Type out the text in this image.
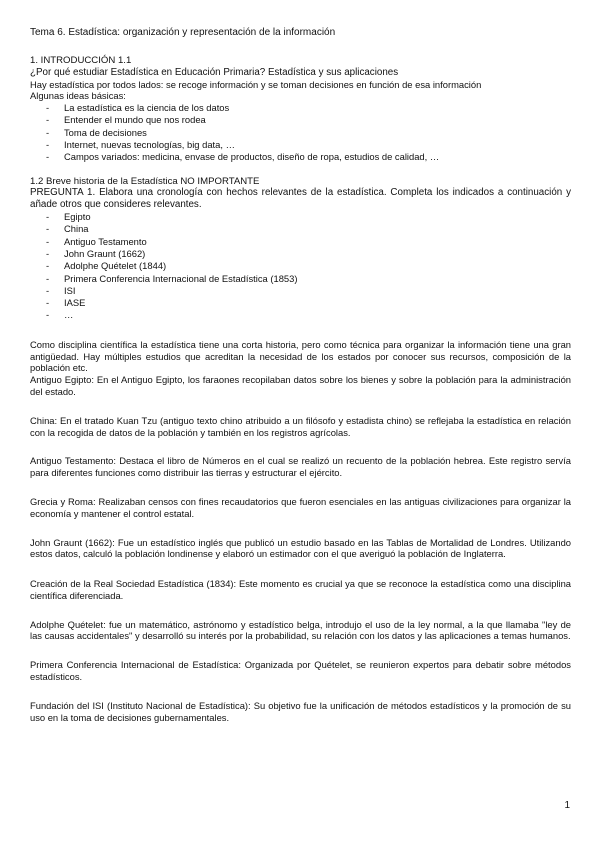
Tema 6. Estadística: organización y representación de la información

1. INTRODUCCIÓN 1.1

¿Por qué estudiar Estadística en Educación Primaria? Estadística y sus aplicaciones

Hay estadística por todos lados: se recoge información y se toman decisiones en función de esa información

Algunas ideas básicas:

- La estadística es la ciencia de los datos
- Entender el mundo que nos rodea
- Toma de decisiones
- Internet, nuevas tecnologías, big data, …
- Campos variados: medicina, envase de productos, diseño de ropa, estudios de calidad, …

1.2 Breve historia de la Estadística NO IMPORTANTE

PREGUNTA 1. Elabora una cronología con hechos relevantes de la estadística. Completa los indicados a continuación y añade otros que consideres relevantes.

- Egipto
- China
- Antiguo Testamento
- John Graunt (1662)
- Adolphe Quételet (1844)
- Primera Conferencia Internacional de Estadística (1853)
- ISI
- IASE
- …

Como disciplina científica la estadística tiene una corta historia, pero como técnica para organizar la información tiene una gran antigüedad. Hay múltiples estudios que acreditan la necesidad de los estados por conocer sus recursos, composición de la población etc.

Antiguo Egipto: En el Antiguo Egipto, los faraones recopilaban datos sobre los bienes y sobre la población para la administración del estado.

China: En el tratado Kuan Tzu (antiguo texto chino atribuido a un filósofo y estadista chino) se reflejaba la estadística en relación con la recogida de datos de la población y también en los registros agrícolas.

Antiguo Testamento: Destaca el libro de Números en el cual se realizó un recuento de la población hebrea. Este registro servía para diferentes funciones como distribuir las tierras y estructurar el ejército.

Grecia y Roma: Realizaban censos con fines recaudatorios que fueron esenciales en las antiguas civilizaciones para organizar la economía y mantener el control estatal.

John Graunt (1662): Fue un estadístico inglés que publicó un estudio basado en las Tablas de Mortalidad de Londres. Utilizando estos datos, calculó la población londinense y elaboró un estimador con el que averiguó la población de Inglaterra.

Creación de la Real Sociedad Estadística (1834): Este momento es crucial ya que se reconoce la estadística como una disciplina científica diferenciada.

Adolphe Quételet: fue un matemático, astrónomo y estadístico belga, introdujo el uso de la ley normal, a la que llamaba "ley de las causas accidentales" y desarrolló su interés por la probabilidad, su relación con los datos y las aplicaciones a temas humanos.

Primera Conferencia Internacional de Estadística: Organizada por Quételet, se reunieron expertos para debatir sobre métodos estadísticos.

Fundación del ISI (Instituto Nacional de Estadística): Su objetivo fue la unificación de métodos estadísticos y la promoción de su uso en la toma de decisiones gubernamentales.

1
